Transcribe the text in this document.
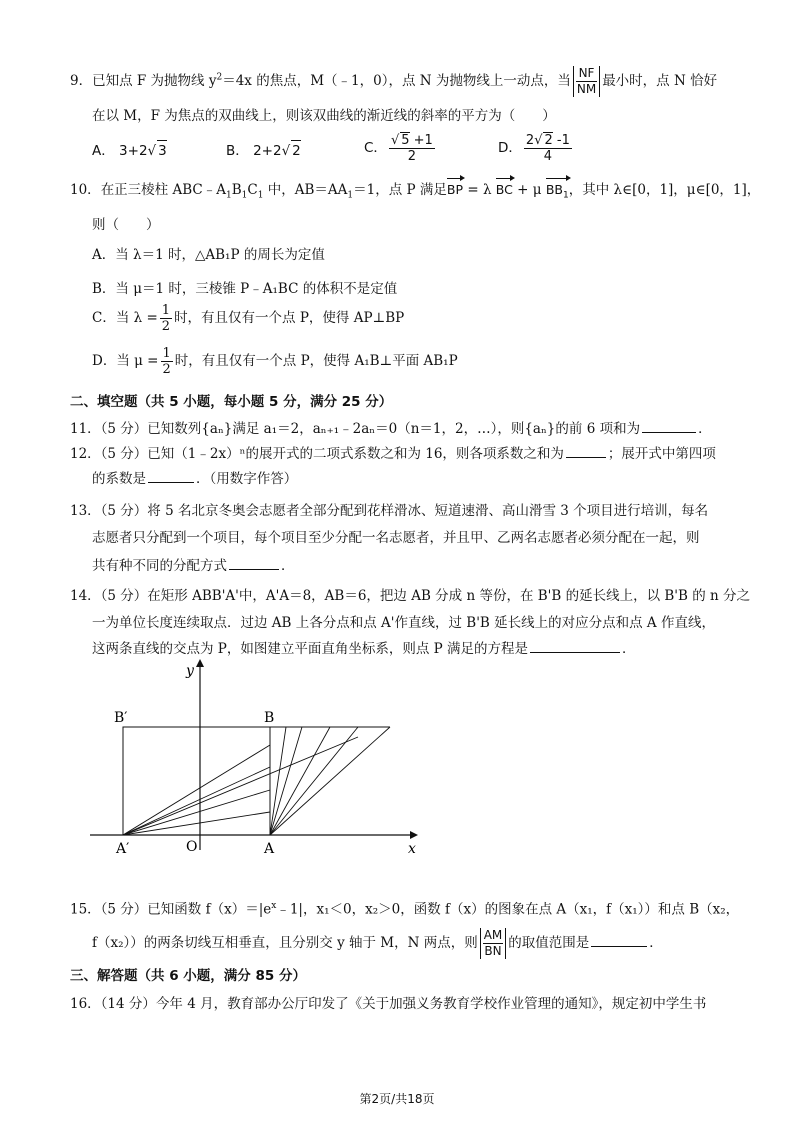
9．已知点 F 为抛物线 $y^2=4x$ 的焦点，M（﹣1，0），点 N 为抛物线上一动点，当 $\frac{NF}{NM}$ 最小时，点 N 恰好
在以 M，F 为焦点的双曲线上，则该双曲线的渐近线的斜率的平方为（　　）
A． 3+2√ 3	B． 2+2√ 2	C． $\frac{√ 5 +1}{2}$	D． $\frac{2√ 2 -1}{4}$
10．在正三棱柱 $ABC﹣A_1B_1C_1$ 中，$AB=AA_1=1$，点 P 满足BP = λ BC + μ $BB_1$，其中 λ∈[0，1]，μ∈[0，1]，
则（　　）
A．当 λ＝1 时，△AB₁P 的周长为定值
B．当 μ＝1 时，三棱锥 P﹣A₁BC 的体积不是定值
C．当 $\lambda = \frac{1}{2}$ 时，有且仅有一个点 P，使得 AP⊥BP
D．当 $\mu = \frac{1}{2}$ 时，有且仅有一个点 P，使得 A₁B⊥平面 AB₁P
二、填空题（共 5 小题，每小题 5 分，满分 25 分）
11．（5 分）已知数列{aₙ}满足 a₁＝2，aₙ₊₁﹣2aₙ＝0（n＝1，2，…），则{aₙ}的前 6 项和为	．
12．（5 分）已知（1﹣2x）ⁿ的展开式的二项式系数之和为 16，则各项系数之和为	；展开式中第四项
的系数是	．（用数字作答）
13．（5 分）将 5 名北京冬奥会志愿者全部分配到花样滑冰、短道速滑、高山滑雪 3 个项目进行培训，每名
志愿者只分配到一个项目，每个项目至少分配一名志愿者，并且甲、乙两名志愿者必须分配在一起，则
共有种不同的分配方式	．
14．（5 分）在矩形 ABB'A'中，A'A＝8，AB＝6，把边 AB 分成 n 等份，在 B'B 的延长线上，以 B'B 的 n 分之
一为单位长度连续取点．过边 AB 上各分点和点 A'作直线，过 B'B 延长线上的对应分点和点 A 作直线，
这两条直线的交点为 P，如图建立平面直角坐标系，则点 P 满足的方程是	．
y
x
B′	B
A′	O	A
15．（5 分）已知函数 $f(x)=|e^x﹣1|$，x₁＜0，x₂＞0，函数 f（x）的图象在点 A（x₁，f（x₁））和点 B（x₂，
f（x₂））的两条切线互相垂直，且分别交 y 轴于 M，N 两点，则 $\frac{AM}{BN}$ 的取值范围是	．
三、解答题（共 6 小题，满分 85 分）
16．（14 分）今年 4 月，教育部办公厅印发了《关于加强义务教育学校作业管理的通知》，规定初中学生书
第2页/共18页
